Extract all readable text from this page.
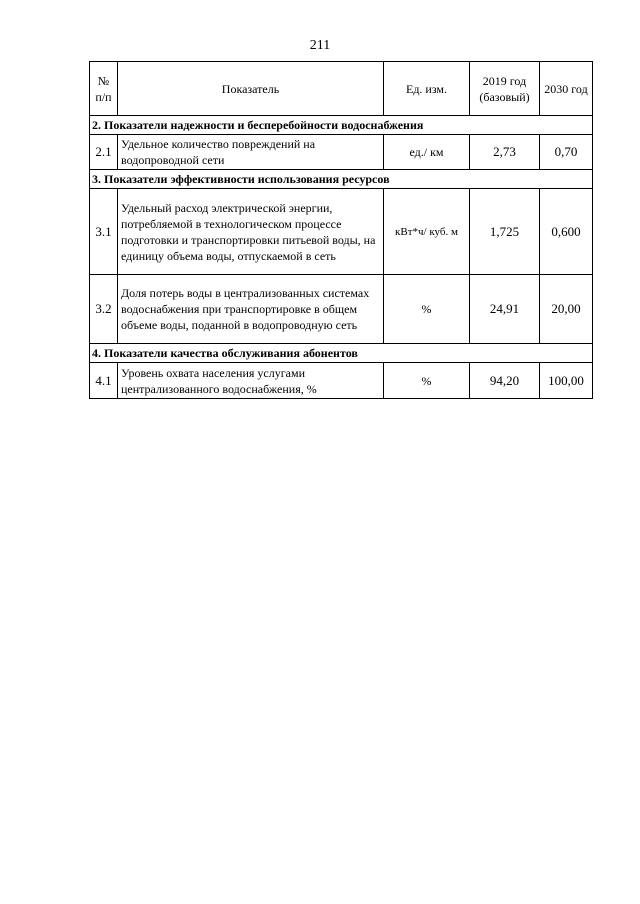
211
№ п/п	Показатель	Ед. изм.	2019 год (базовый)	2030 год
2. Показатели надежности и бесперебойности водоснабжения				
2.1	Удельное количество повреждений на водопроводной сети	ед./ км	2,73	0,70
3. Показатели эффективности использования ресурсов				
3.1	Удельный расход электрической энергии, потребляемой в технологическом процессе подготовки и транспортировки питьевой воды, на единицу объема воды, отпускаемой в сеть	кВт*ч/ куб. м	1,725	0,600
3.2	Доля потерь воды в централизованных системах водоснабжения при транспортировке в общем объеме воды, поданной в водопроводную сеть	%	24,91	20,00
4. Показатели качества обслуживания абонентов				
4.1	Уровень охвата населения услугами централизованного водоснабжения, %	%	94,20	100,00
